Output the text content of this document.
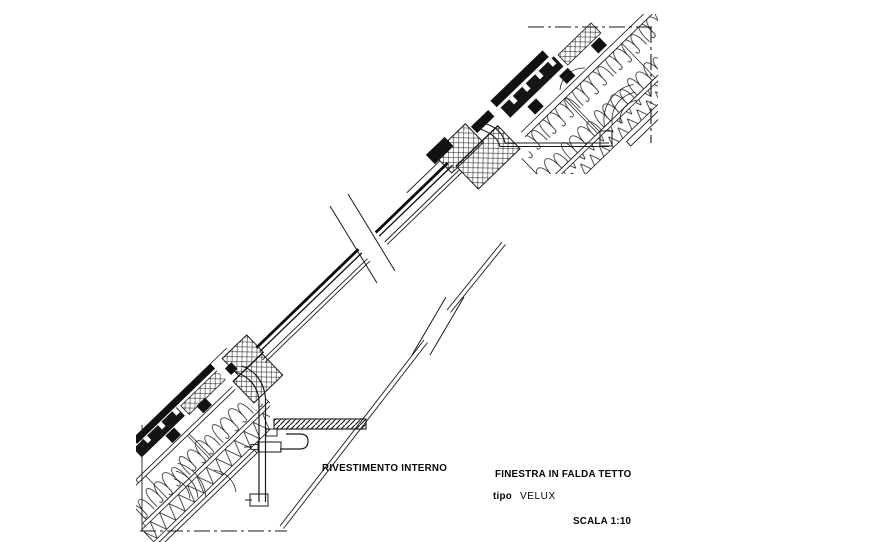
RIVESTIMENTO INTERNO
FINESTRA IN FALDA TETTO
tipo VELUX
SCALA 1:10
